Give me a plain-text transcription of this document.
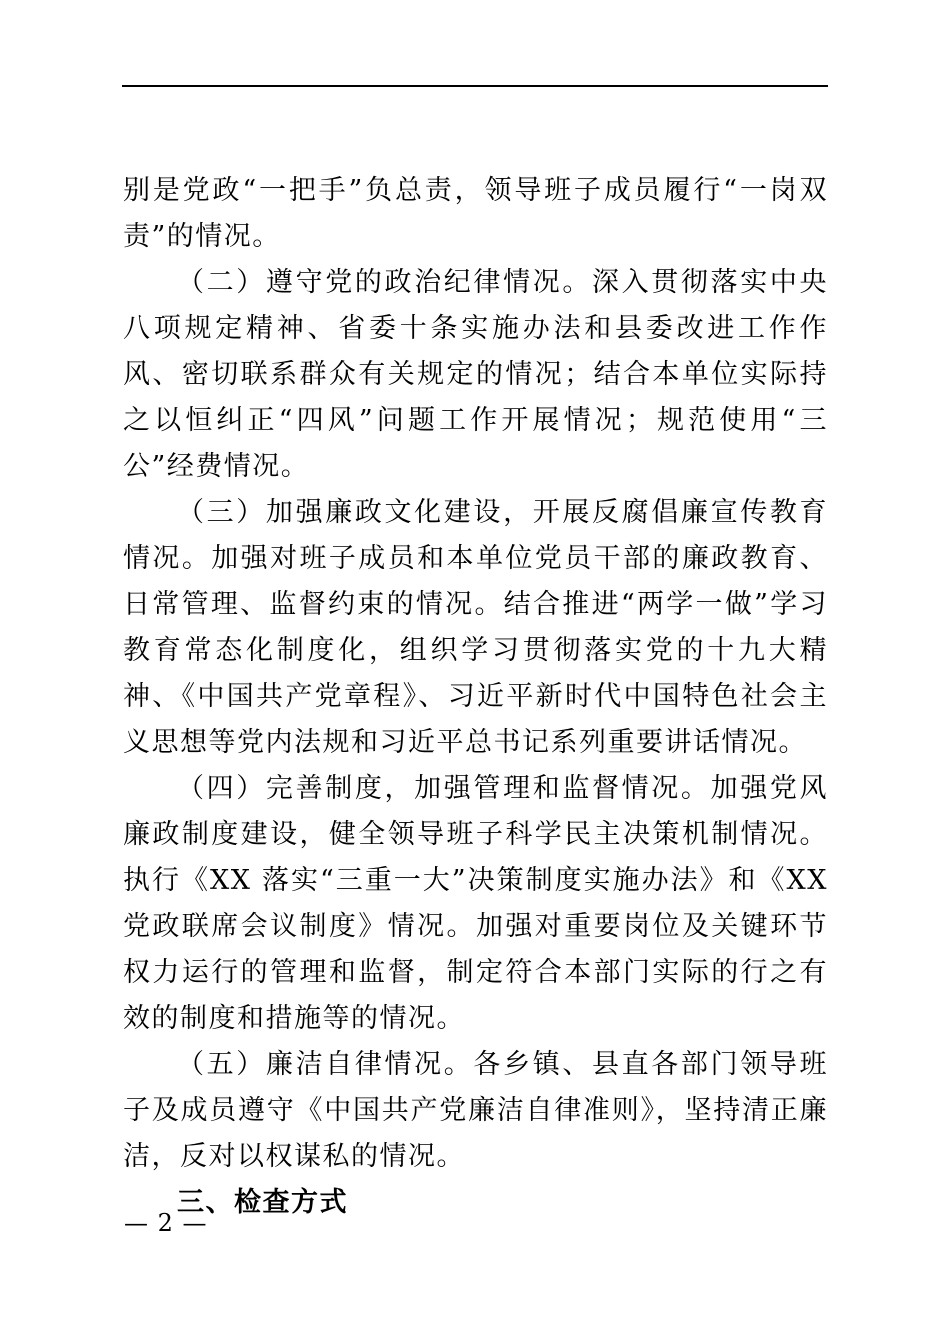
别是党政“一把手”负总责，领导班子成员履行“一岗双责”的情况。

（二）遵守党的政治纪律情况。深入贯彻落实中央八项规定精神、省委十条实施办法和县委改进工作作风、密切联系群众有关规定的情况；结合本单位实际持之以恒纠正“四风”问题工作开展情况；规范使用“三公”经费情况。

（三）加强廉政文化建设，开展反腐倡廉宣传教育情况。加强对班子成员和本单位党员干部的廉政教育、日常管理、监督约束的情况。结合推进“两学一做”学习教育常态化制度化，组织学习贯彻落实党的十九大精神、《中国共产党章程》、习近平新时代中国特色社会主义思想等党内法规和习近平总书记系列重要讲话情况。

（四）完善制度，加强管理和监督情况。加强党风廉政制度建设，健全领导班子科学民主决策机制情况。执行《XX 落实“三重一大”决策制度实施办法》和《XX 党政联席会议制度》情况。加强对重要岗位及关键环节权力运行的管理和监督，制定符合本部门实际的行之有效的制度和措施等的情况。

（五）廉洁自律情况。各乡镇、县直各部门领导班子及成员遵守《中国共产党廉洁自律准则》，坚持清正廉洁，反对以权谋私的情况。

三、检查方式

— 2 —
